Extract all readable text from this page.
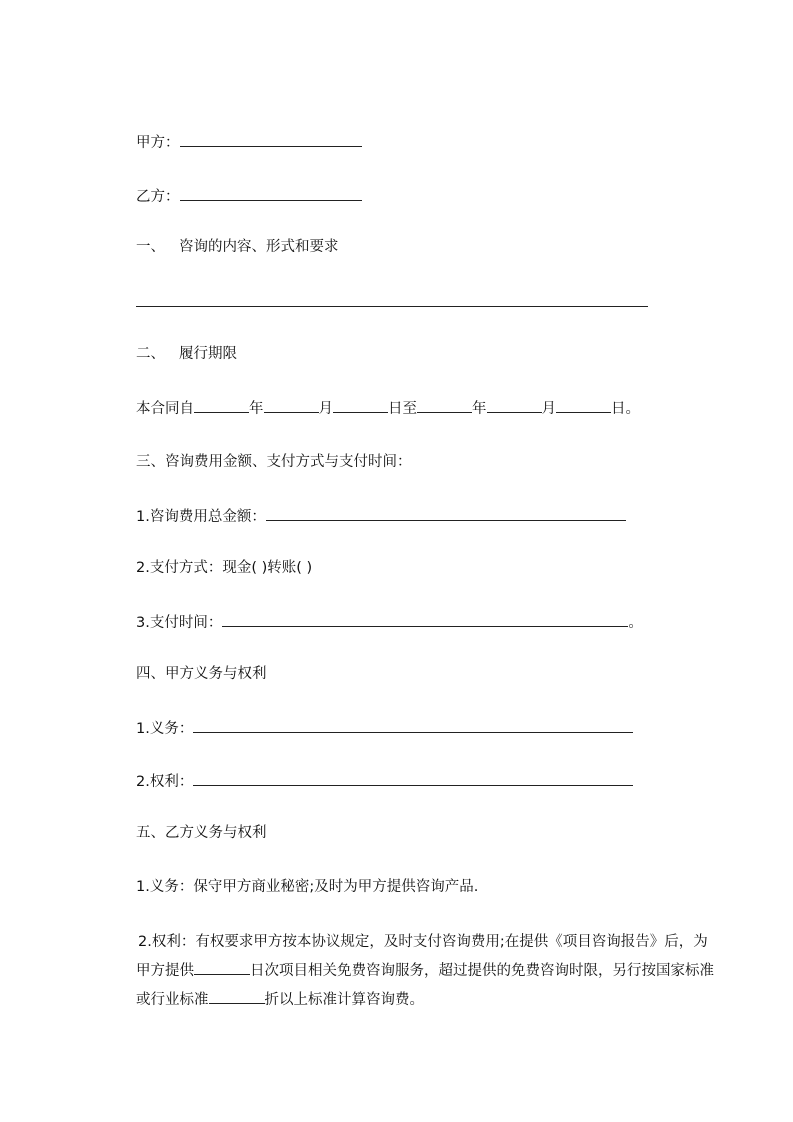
甲方：
乙方：
一、 咨询的内容、形式和要求
二、 履行期限
本合同自	年	月	日至	年	月	日。
三、咨询费用金额、支付方式与支付时间：
1.咨询费用总金额：
2.支付方式：现金( )转账( )
3.支付时间：	。
四、甲方义务与权利
1.义务：
2.权利：
五、乙方义务与权利
1.义务：保守甲方商业秘密;及时为甲方提供咨询产品.
2.权利：有权要求甲方按本协议规定，及时支付咨询费用;在提供《项目咨询报告》后，为甲方提供	日次项目相关免费咨询服务，超过提供的免费咨询时限，另行按国家标准或行业标准	折以上标准计算咨询费。
